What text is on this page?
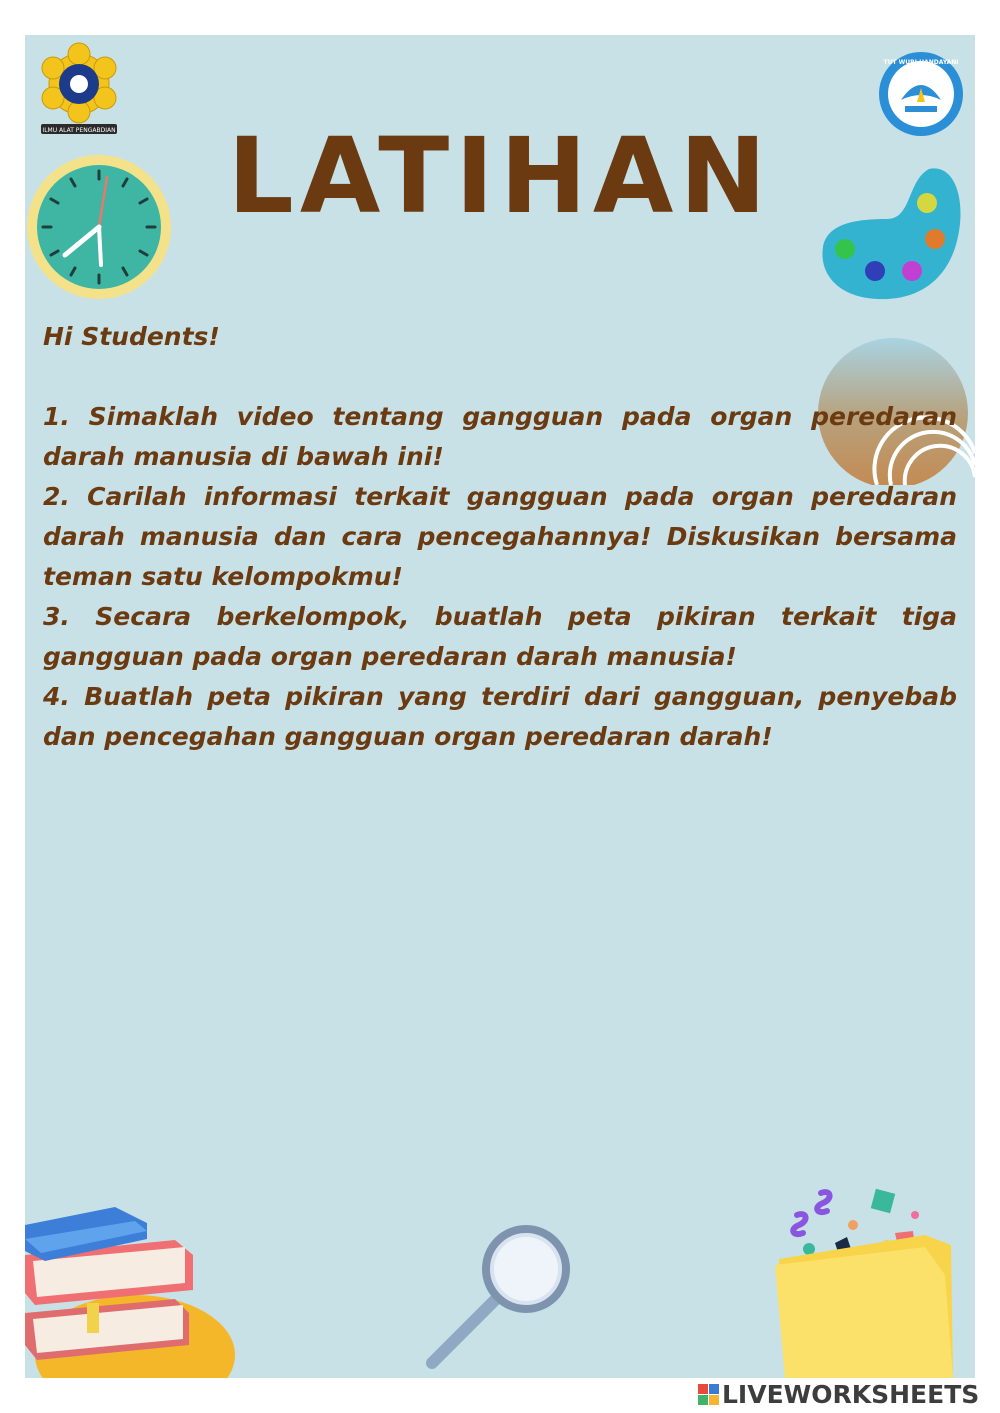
ILMU ALAT PENGABDIAN
TUT WURI HANDAYANI
LATIHAN

Hi Students!

1. Simaklah video tentang gangguan pada organ peredaran darah manusia di bawah ini!

2. Carilah informasi terkait gangguan pada organ peredaran darah manusia dan cara pencegahannya! Diskusikan bersama teman satu kelompokmu!

3. Secara berkelompok, buatlah peta pikiran terkait tiga gangguan pada organ peredaran darah manusia!

4. Buatlah peta pikiran yang terdiri dari gangguan, penyebab dan pencegahan gangguan organ peredaran darah!

LIVEWORKSHEETS
